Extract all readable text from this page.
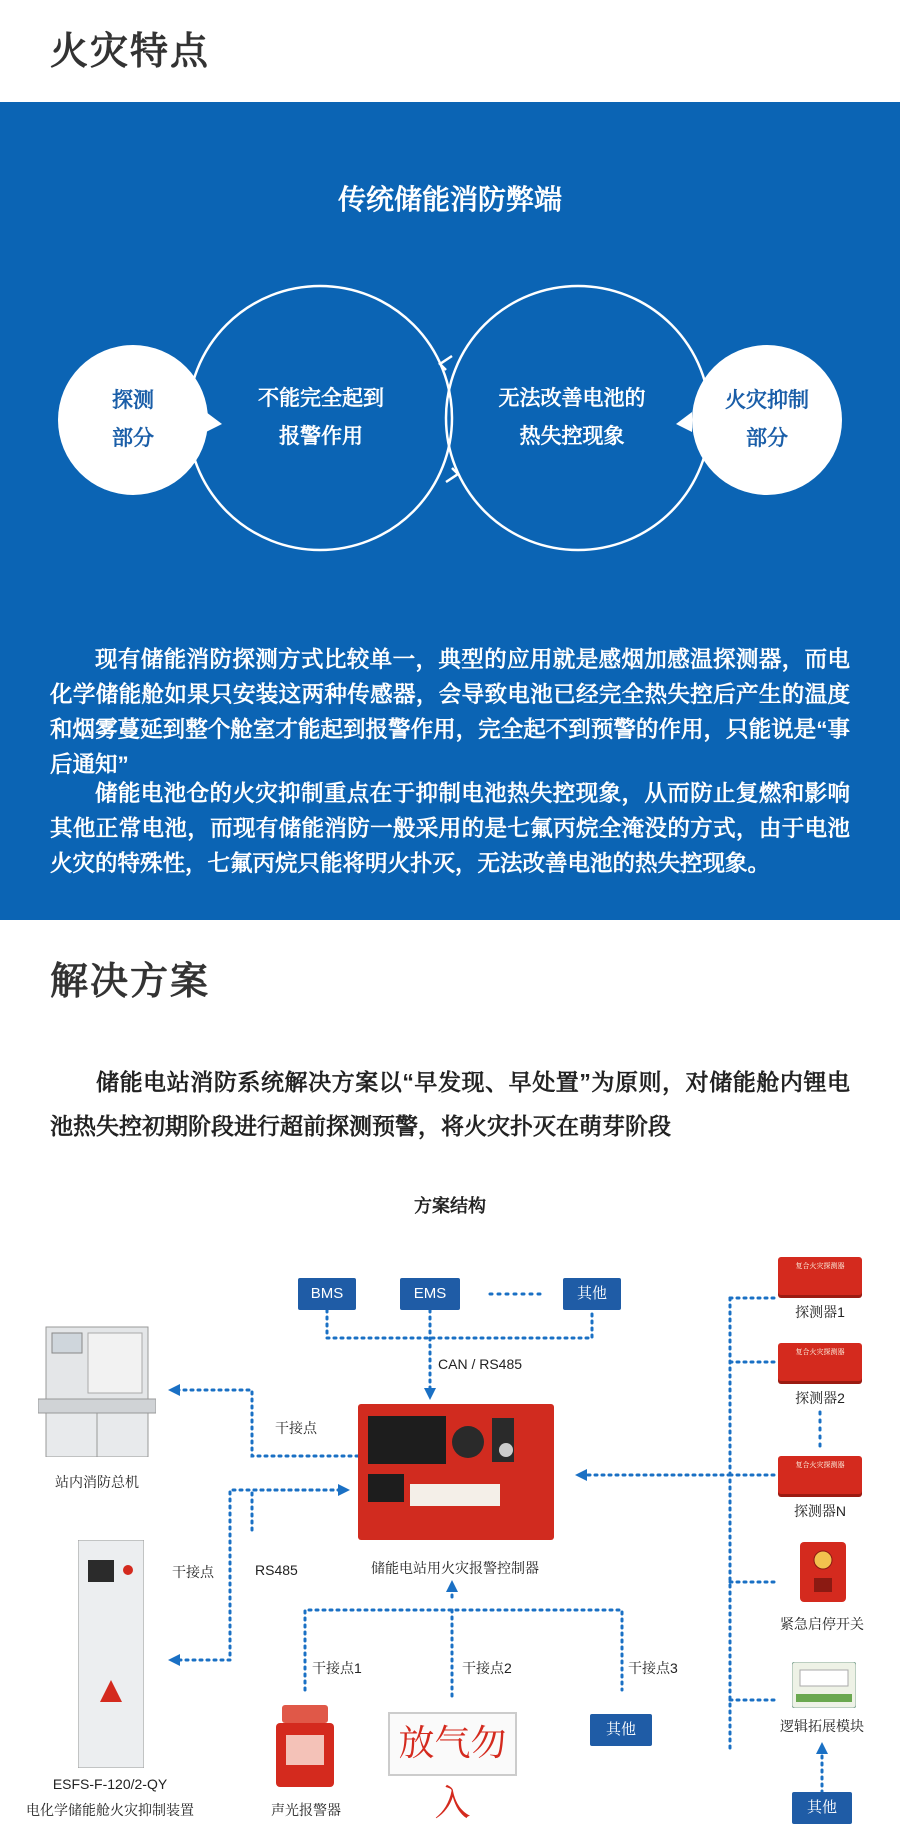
火灾特点
传统储能消防弊端
探测
部分
不能完全起到
报警作用
无法改善电池的
热失控现象
火灾抑制
部分

现有储能消防探测方式比较单一，典型的应用就是感烟加感温探测器，而电化学储能舱如果只安装这两种传感器，会导致电池已经完全热失控后产生的温度和烟雾蔓延到整个舱室才能起到报警作用，完全起不到预警的作用，只能说是“事后通知”

储能电池仓的火灾抑制重点在于抑制电池热失控现象，从而防止复燃和影响其他正常电池，而现有储能消防一般采用的是七氟丙烷全淹没的方式，由于电池火灾的特殊性，七氟丙烷只能将明火扑灭，无法改善电池的热失控现象。

解决方案

储能电站消防系统解决方案以“早发现、早处置”为原则，对储能舱内锂电池热失控初期阶段进行超前探测预警，将火灾扑灭在萌芽阶段

方案结构
BMS	EMS	其他
CAN / RS485
站内消防总机
干接点
干接点	RS485	储能电站用火灾报警控制器
ESFS-F-120/2-QY
电化学储能舱火灾抑制装置
干接点1	干接点2	干接点3
声光报警器
放气勿入
其他
复合火灾探测器
探测器1
复合火灾探测器
探测器2
复合火灾探测器
探测器N
紧急启停开关
逻辑拓展模块
其他
